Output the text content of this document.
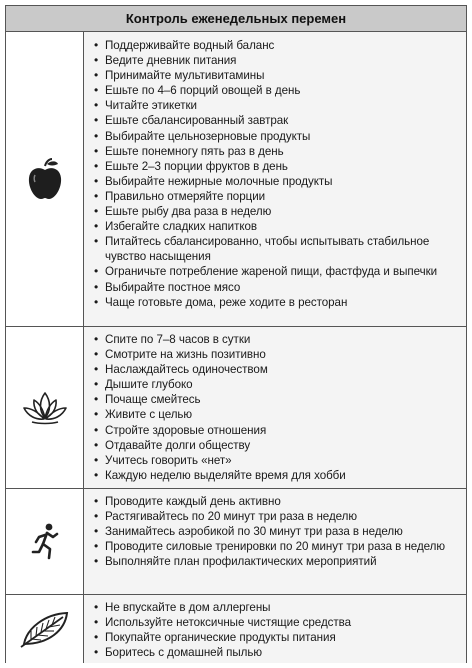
Контроль еженедельных перемен
• Поддерживайте водный баланс
• Ведите дневник питания
• Принимайте мультивитамины
• Ешьте по 4–6 порций овощей в день
• Читайте этикетки
• Ешьте сбалансированный завтрак
• Выбирайте цельнозерновые продукты
• Ешьте понемногу пять раз в день
• Ешьте 2–3 порции фруктов в день
• Выбирайте нежирные молочные продукты
• Правильно отмеряйте порции
• Ешьте рыбу два раза в неделю
• Избегайте сладких напитков
• Питайтесь сбалансированно, чтобы испытывать стабильное чувство насыщения
• Ограничьте потребление жареной пищи, фастфуда и выпечки
• Выбирайте постное мясо
• Чаще готовьте дома, реже ходите в ресторан
• Спите по 7–8 часов в сутки
• Смотрите на жизнь позитивно
• Наслаждайтесь одиночеством
• Дышите глубоко
• Почаще смейтесь
• Живите с целью
• Стройте здоровые отношения
• Отдавайте долги обществу
• Учитесь говорить «нет»
• Каждую неделю выделяйте время для хобби
• Проводите каждый день активно
• Растягивайтесь по 20 минут три раза в неделю
• Занимайтесь аэробикой по 30 минут три раза в неделю
• Проводите силовые тренировки по 20 минут три раза в неделю
• Выполняйте план профилактических мероприятий
• Не впускайте в дом аллергены
• Используйте нетоксичные чистящие средства
• Покупайте органические продукты питания
• Боритесь с домашней пылью
